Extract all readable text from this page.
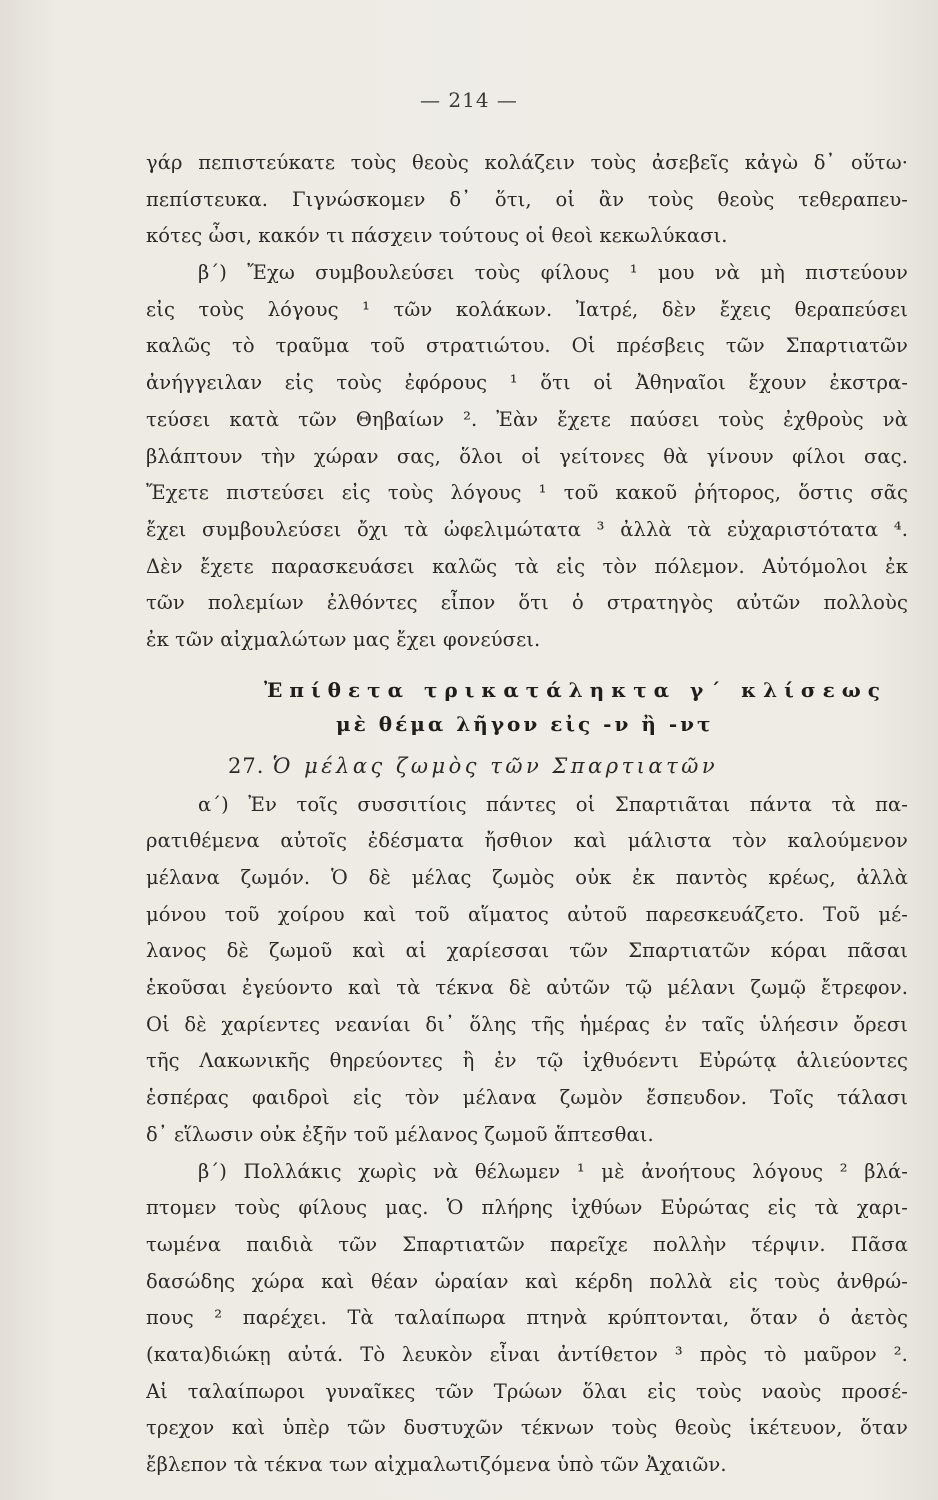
— 214 —
γάρ πεπιστεύκατε τοὺς θεοὺς κολάζειν τοὺς ἀσεβεῖς κἀγὼ δ᾽ οὕτω·
πεπίστευκα. Γιγνώσκομεν δ᾽ ὅτι, οἱ ἂν τοὺς θεοὺς τεθεραπευ-
κότες ὦσι, κακόν τι πάσχειν τούτους οἱ θεοὶ κεκωλύκασι.
β΄) Ἔχω συμβουλεύσει τοὺς φίλους ¹ μου νὰ μὴ πιστεύουν
εἰς τοὺς λόγους ¹ τῶν κολάκων. Ἰατρέ, δὲν ἔχεις θεραπεύσει
καλῶς τὸ τραῦμα τοῦ στρατιώτου. Οἱ πρέσβεις τῶν Σπαρτιατῶν
ἀνήγγειλαν εἰς τοὺς ἐφόρους ¹ ὅτι οἱ Ἀθηναῖοι ἔχουν ἐκστρα-
τεύσει κατὰ τῶν Θηβαίων ². Ἐὰν ἔχετε παύσει τοὺς ἐχθροὺς νὰ
βλάπτουν τὴν χώραν σας, ὅλοι οἱ γείτονες θὰ γίνουν φίλοι σας.
Ἔχετε πιστεύσει εἰς τοὺς λόγους ¹ τοῦ κακοῦ ῥήτορος, ὅστις σᾶς
ἔχει συμβουλεύσει ὄχι τὰ ὠφελιμώτατα ³ ἀλλὰ τὰ εὐχαριστότατα ⁴.
Δὲν ἔχετε παρασκευάσει καλῶς τὰ εἰς τὸν πόλεμον. Αὐτόμολοι ἐκ
τῶν πολεμίων ἐλθόντες εἶπον ὅτι ὁ στρατηγὸς αὐτῶν πολλοὺς
ἐκ τῶν αἰχμαλώτων μας ἔχει φονεύσει.
Ἐπίθετα τρικατάληκτα γ΄ κλίσεως
μὲ θέμα λῆγον εἰς -ν ἢ -ντ
27. Ὁ μέλας ζωμὸς τῶν Σπαρτιατῶν
α΄) Ἐν τοῖς συσσιτίοις πάντες οἱ Σπαρτιᾶται πάντα τὰ πα-
ρατιθέμενα αὐτοῖς ἐδέσματα ἤσθιον καὶ μάλιστα τὸν καλούμενον
μέλανα ζωμόν. Ὁ δὲ μέλας ζωμὸς οὐκ ἐκ παντὸς κρέως, ἀλλὰ
μόνου τοῦ χοίρου καὶ τοῦ αἵματος αὐτοῦ παρεσκευάζετο. Τοῦ μέ-
λανος δὲ ζωμοῦ καὶ αἱ χαρίεσσαι τῶν Σπαρτιατῶν κόραι πᾶσαι
ἑκοῦσαι ἐγεύοντο καὶ τὰ τέκνα δὲ αὐτῶν τῷ μέλανι ζωμῷ ἔτρεφον.
Οἱ δὲ χαρίεντες νεανίαι δι᾽ ὅλης τῆς ἡμέρας ἐν ταῖς ὑλήεσιν ὄρεσι
τῆς Λακωνικῆς θηρεύοντες ἢ ἐν τῷ ἰχθυόεντι Εὐρώτᾳ ἁλιεύοντες
ἑσπέρας φαιδροὶ εἰς τὸν μέλανα ζωμὸν ἔσπευδον. Τοῖς τάλασι
δ᾽ εἵλωσιν οὐκ ἐξῆν τοῦ μέλανος ζωμοῦ ἅπτεσθαι.
β΄) Πολλάκις χωρὶς νὰ θέλωμεν ¹ μὲ ἀνοήτους λόγους ² βλά-
πτομεν τοὺς φίλους μας. Ὁ πλήρης ἰχθύων Εὐρώτας εἰς τὰ χαρι-
τωμένα παιδιὰ τῶν Σπαρτιατῶν παρεῖχε πολλὴν τέρψιν. Πᾶσα
δασώδης χώρα καὶ θέαν ὡραίαν καὶ κέρδη πολλὰ εἰς τοὺς ἀνθρώ-
πους ² παρέχει. Τὰ ταλαίπωρα πτηνὰ κρύπτονται, ὅταν ὁ ἀετὸς
(κατα)διώκῃ αὐτά. Τὸ λευκὸν εἶναι ἀντίθετον ³ πρὸς τὸ μαῦρον ².
Αἱ ταλαίπωροι γυναῖκες τῶν Τρώων ὅλαι εἰς τοὺς ναοὺς προσέ-
τρεχον καὶ ὑπὲρ τῶν δυστυχῶν τέκνων τοὺς θεοὺς ἱκέτευον, ὅταν
ἔβλεπον τὰ τέκνα των αἰχμαλωτιζόμενα ὑπὸ τῶν Ἀχαιῶν.
